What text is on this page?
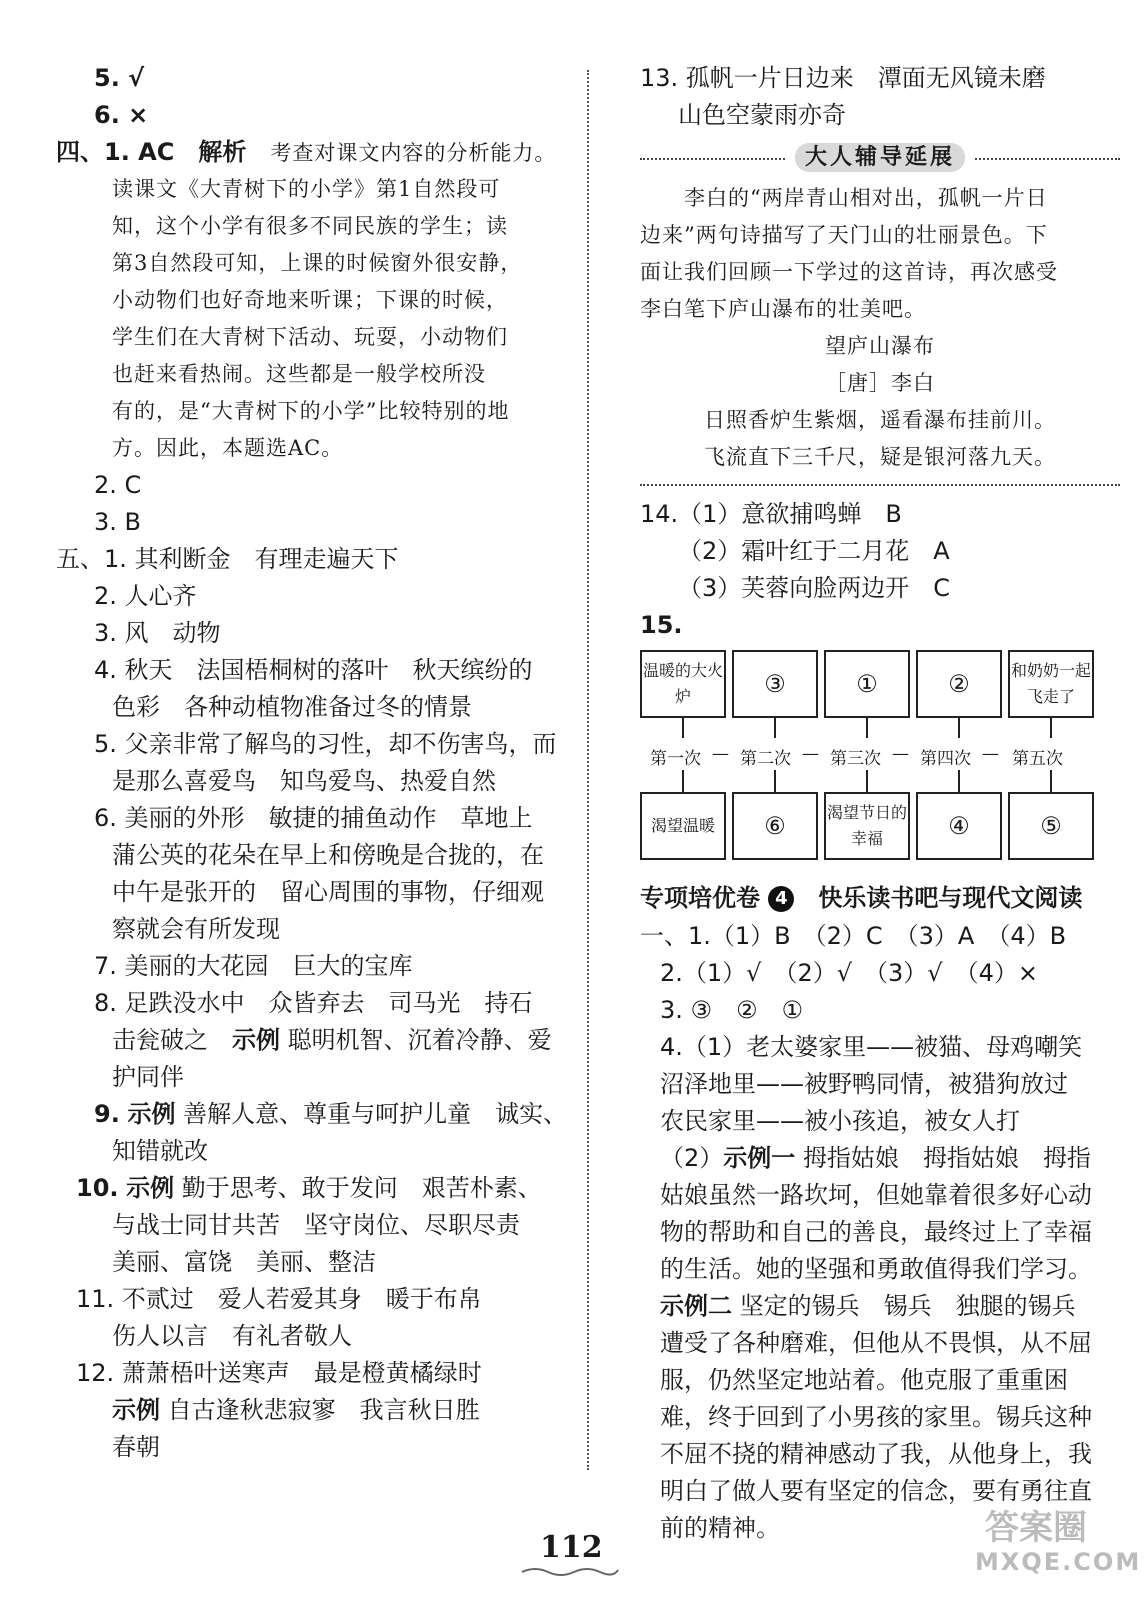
5. √
6. ×
四、1. AC　 解析　 考查对课文内容的分析能力。
读课文《大青树下的小学》第1自然段可
知，这个小学有很多不同民族的学生；读
第3自然段可知，上课的时候窗外很安静，
小动物们也好奇地来听课；下课的时候，
学生们在大青树下活动、玩耍，小动物们
也赶来看热闹。这些都是一般学校所没
有的，是“大青树下的小学”比较特别的地
方。因此，本题选AC。
2. C
3. B
五、1. 其利断金　有理走遍天下
2. 人心齐
3. 风　动物
4. 秋天　法国梧桐树的落叶　秋天缤纷的
色彩　各种动植物准备过冬的情景
5. 父亲非常了解鸟的习性，却不伤害鸟，而
是那么喜爱鸟　知鸟爱鸟、热爱自然
6. 美丽的外形　敏捷的捕鱼动作　草地上
蒲公英的花朵在早上和傍晚是合拢的，在
中午是张开的　留心周围的事物，仔细观
察就会有所发现
7. 美丽的大花园　巨大的宝库
8. 足跌没水中　众皆弃去　司马光　持石
击瓮破之　示例 聪明机智、沉着冷静、爱
护同伴
9. 示例 善解人意、尊重与呵护儿童　诚实、
知错就改
10. 示例 勤于思考、敢于发问　艰苦朴素、
与战士同甘共苦　坚守岗位、尽职尽责
美丽、富饶　美丽、整洁
11. 不贰过　爱人若爱其身　暖于布帛
伤人以言　有礼者敬人
12. 萧萧梧叶送寒声　最是橙黄橘绿时
示例 自古逢秋悲寂寥　我言秋日胜
春朝
13. 孤帆一片日边来　潭面无风镜未磨
山色空蒙雨亦奇
大人辅导延展
李白的“两岸青山相对出，孤帆一片日
边来”两句诗描写了天门山的壮丽景色。下
面让我们回顾一下学过的这首诗，再次感受
李白笔下庐山瀑布的壮美吧。
望庐山瀑布
［唐］李白
日照香炉生紫烟，遥看瀑布挂前川。
飞流直下三千尺，疑是银河落九天。
14.（1）意欲捕鸣蝉　B
（2）霜叶红于二月花　A
（3）芙蓉向脸两边开　C
15.
温暖的大火炉	③	①	②	和奶奶一起飞走了
第一次 — 第二次 — 第三次 — 第四次 — 第五次
渴望温暖	⑥	渴望节日的幸福	④	⑤
专项培优卷 4　 快乐读书吧与现代文阅读
一、1.（1）B　（2）C　（3）A　（4）B
2.（1）√　（2）√　（3）√　（4）×
3. ③　②　①
4.（1）老太婆家里——被猫、母鸡嘲笑
沼泽地里——被野鸭同情，被猎狗放过
农民家里——被小孩追，被女人打
（2）示例一 拇指姑娘　拇指姑娘　拇指
姑娘虽然一路坎坷，但她靠着很多好心动
物的帮助和自己的善良，最终过上了幸福
的生活。她的坚强和勇敢值得我们学习。
示例二 坚定的锡兵　锡兵　独腿的锡兵
遭受了各种磨难，但他从不畏惧，从不屈
服，仍然坚定地站着。他克服了重重困
难，终于回到了小男孩的家里。锡兵这种
不屈不挠的精神感动了我，从他身上，我
明白了做人要有坚定的信念，要有勇往直
前的精神。
112	答案圈
MXQE.COM
